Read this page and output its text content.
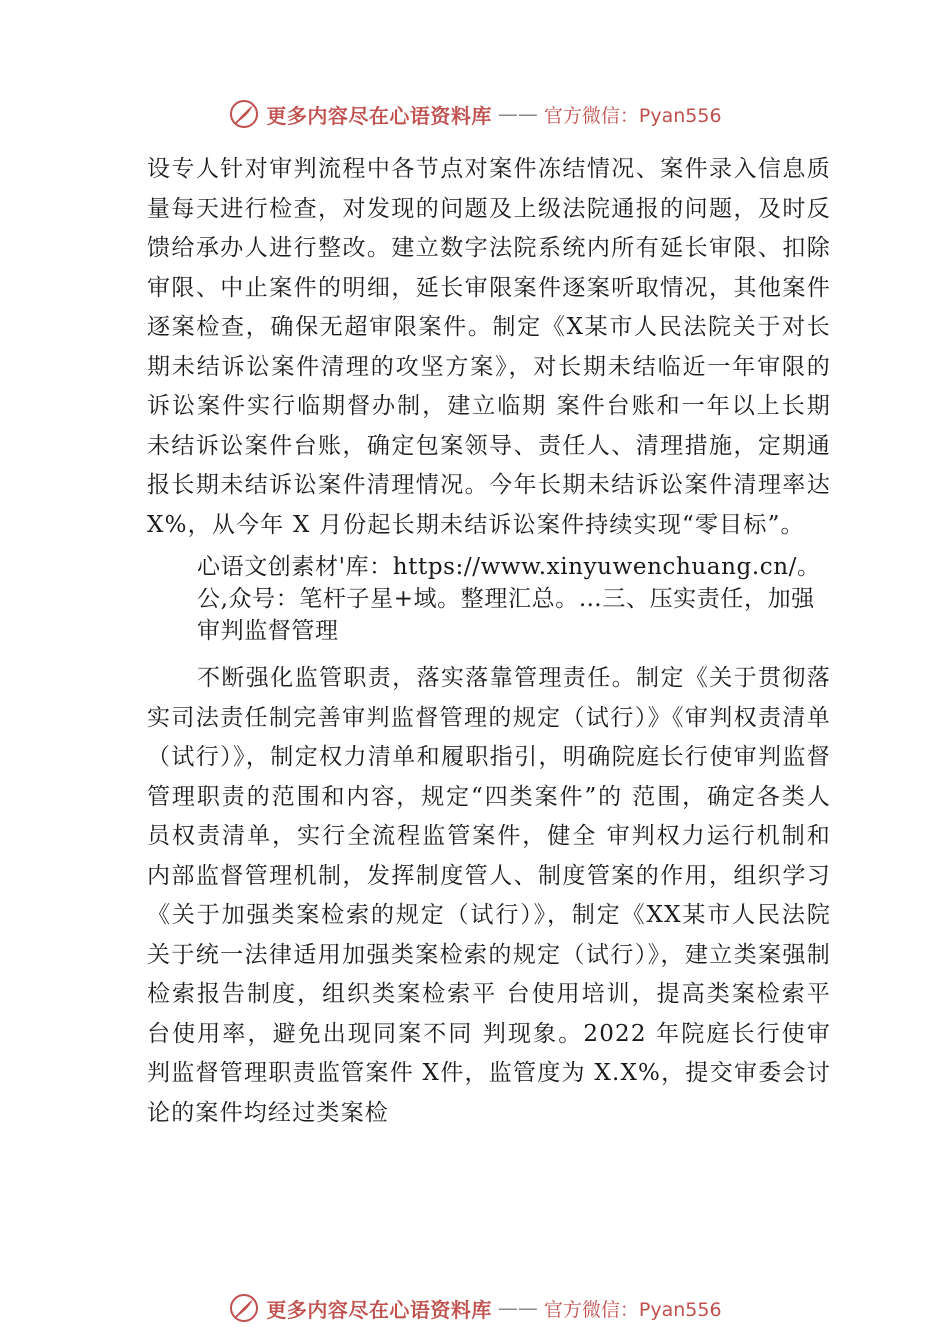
更多内容尽在心语资料库 —— 官方微信：Pyan556

设专人针对审判流程中各节点对案件冻结情况、案件录入信息质量每天进行检查，对发现的问题及上级法院通报的问题，及时反馈给承办人进行整改。建立数字法院系统内所有延长审限、扣除审限、中止案件的明细，延长审限案件逐案听取情况，其他案件逐案检查，确保无超审限案件。制定《X某市人民法院关于对长期未结诉讼案件清理的攻坚方案》，对长期未结临近一年审限的诉讼案件实行临期督办制，建立临期 案件台账和一年以上长期未结诉讼案件台账，确定包案领导、责任人、清理措施，定期通报长期未结诉讼案件清理情况。今年长期未结诉讼案件清理率达 X%，从今年 X 月份起长期未结诉讼案件持续实现“零目标”。

心语文创素材'库：https://www.xinyuwenchuang.cn/。公,众号：笔杆子星+域。整理汇总。…三、压实责任，加强审判监督管理

不断强化监管职责，落实落靠管理责任。制定《关于贯彻落实司法责任制完善审判监督管理的规定（试行）》《审判权责清单（试行）》，制定权力清单和履职指引，明确院庭长行使审判监督管理职责的范围和内容，规定“四类案件”的 范围，确定各类人员权责清单，实行全流程监管案件，健全 审判权力运行机制和内部监督管理机制，发挥制度管人、制度管案的作用，组织学习《关于加强类案检索的规定（试行）》，制定《XX某市人民法院关于统一法律适用加强类案检索的规定（试行）》，建立类案强制检索报告制度，组织类案检索平 台使用培训，提高类案检索平台使用率，避免出现同案不同 判现象。2022 年院庭长行使审判监督管理职责监管案件 X件，监管度为 X.X%，提交审委会讨论的案件均经过类案检

更多内容尽在心语资料库 —— 官方微信：Pyan556
